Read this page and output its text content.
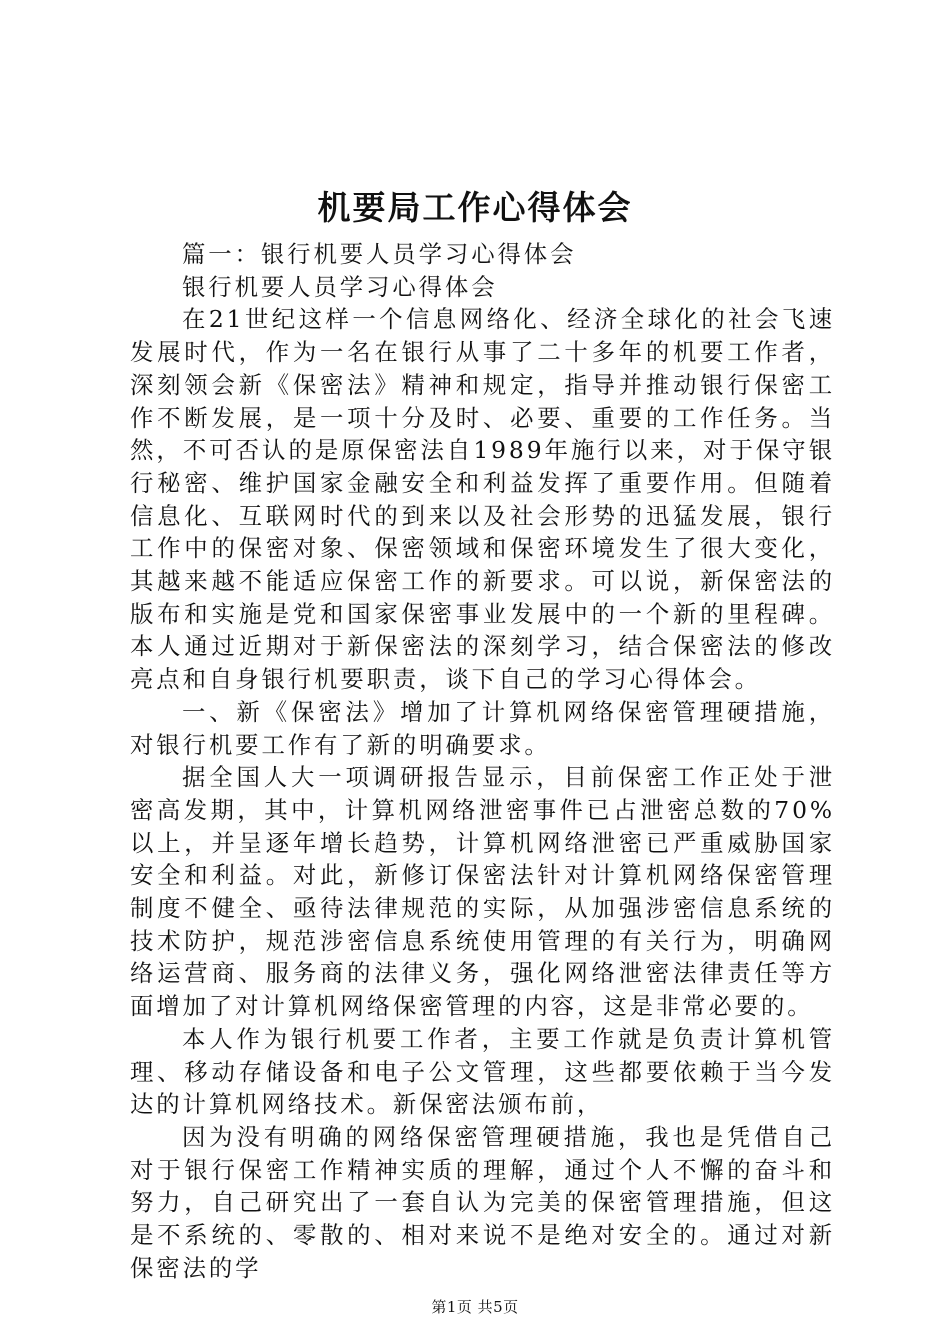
机要局工作心得体会

篇一：银行机要人员学习心得体会

银行机要人员学习心得体会

在21世纪这样一个信息网络化、经济全球化的社会飞速发展时代，作为一名在银行从事了二十多年的机要工作者，深刻领会新《保密法》精神和规定，指导并推动银行保密工作不断发展，是一项十分及时、必要、重要的工作任务。当然，不可否认的是原保密法自1989年施行以来，对于保守银行秘密、维护国家金融安全和利益发挥了重要作用。但随着信息化、互联网时代的到来以及社会形势的迅猛发展，银行工作中的保密对象、保密领域和保密环境发生了很大变化，其越来越不能适应保密工作的新要求。可以说，新保密法的版布和实施是党和国家保密事业发展中的一个新的里程碑。本人通过近期对于新保密法的深刻学习，结合保密法的修改亮点和自身银行机要职责，谈下自己的学习心得体会。

一、新《保密法》增加了计算机网络保密管理硬措施，对银行机要工作有了新的明确要求。

据全国人大一项调研报告显示，目前保密工作正处于泄密高发期，其中，计算机网络泄密事件已占泄密总数的70%以上，并呈逐年增长趋势，计算机网络泄密已严重威胁国家安全和利益。对此，新修订保密法针对计算机网络保密管理制度不健全、亟待法律规范的实际，从加强涉密信息系统的技术防护，规范涉密信息系统使用管理的有关行为，明确网络运营商、服务商的法律义务，强化网络泄密法律责任等方面增加了对计算机网络保密管理的内容，这是非常必要的。

本人作为银行机要工作者，主要工作就是负责计算机管理、移动存储设备和电子公文管理，这些都要依赖于当今发达的计算机网络技术。新保密法颁布前，

因为没有明确的网络保密管理硬措施，我也是凭借自己对于银行保密工作精神实质的理解，通过个人不懈的奋斗和努力，自己研究出了一套自认为完美的保密管理措施，但这是不系统的、零散的、相对来说不是绝对安全的。通过对新保密法的学

第1页 共5页
